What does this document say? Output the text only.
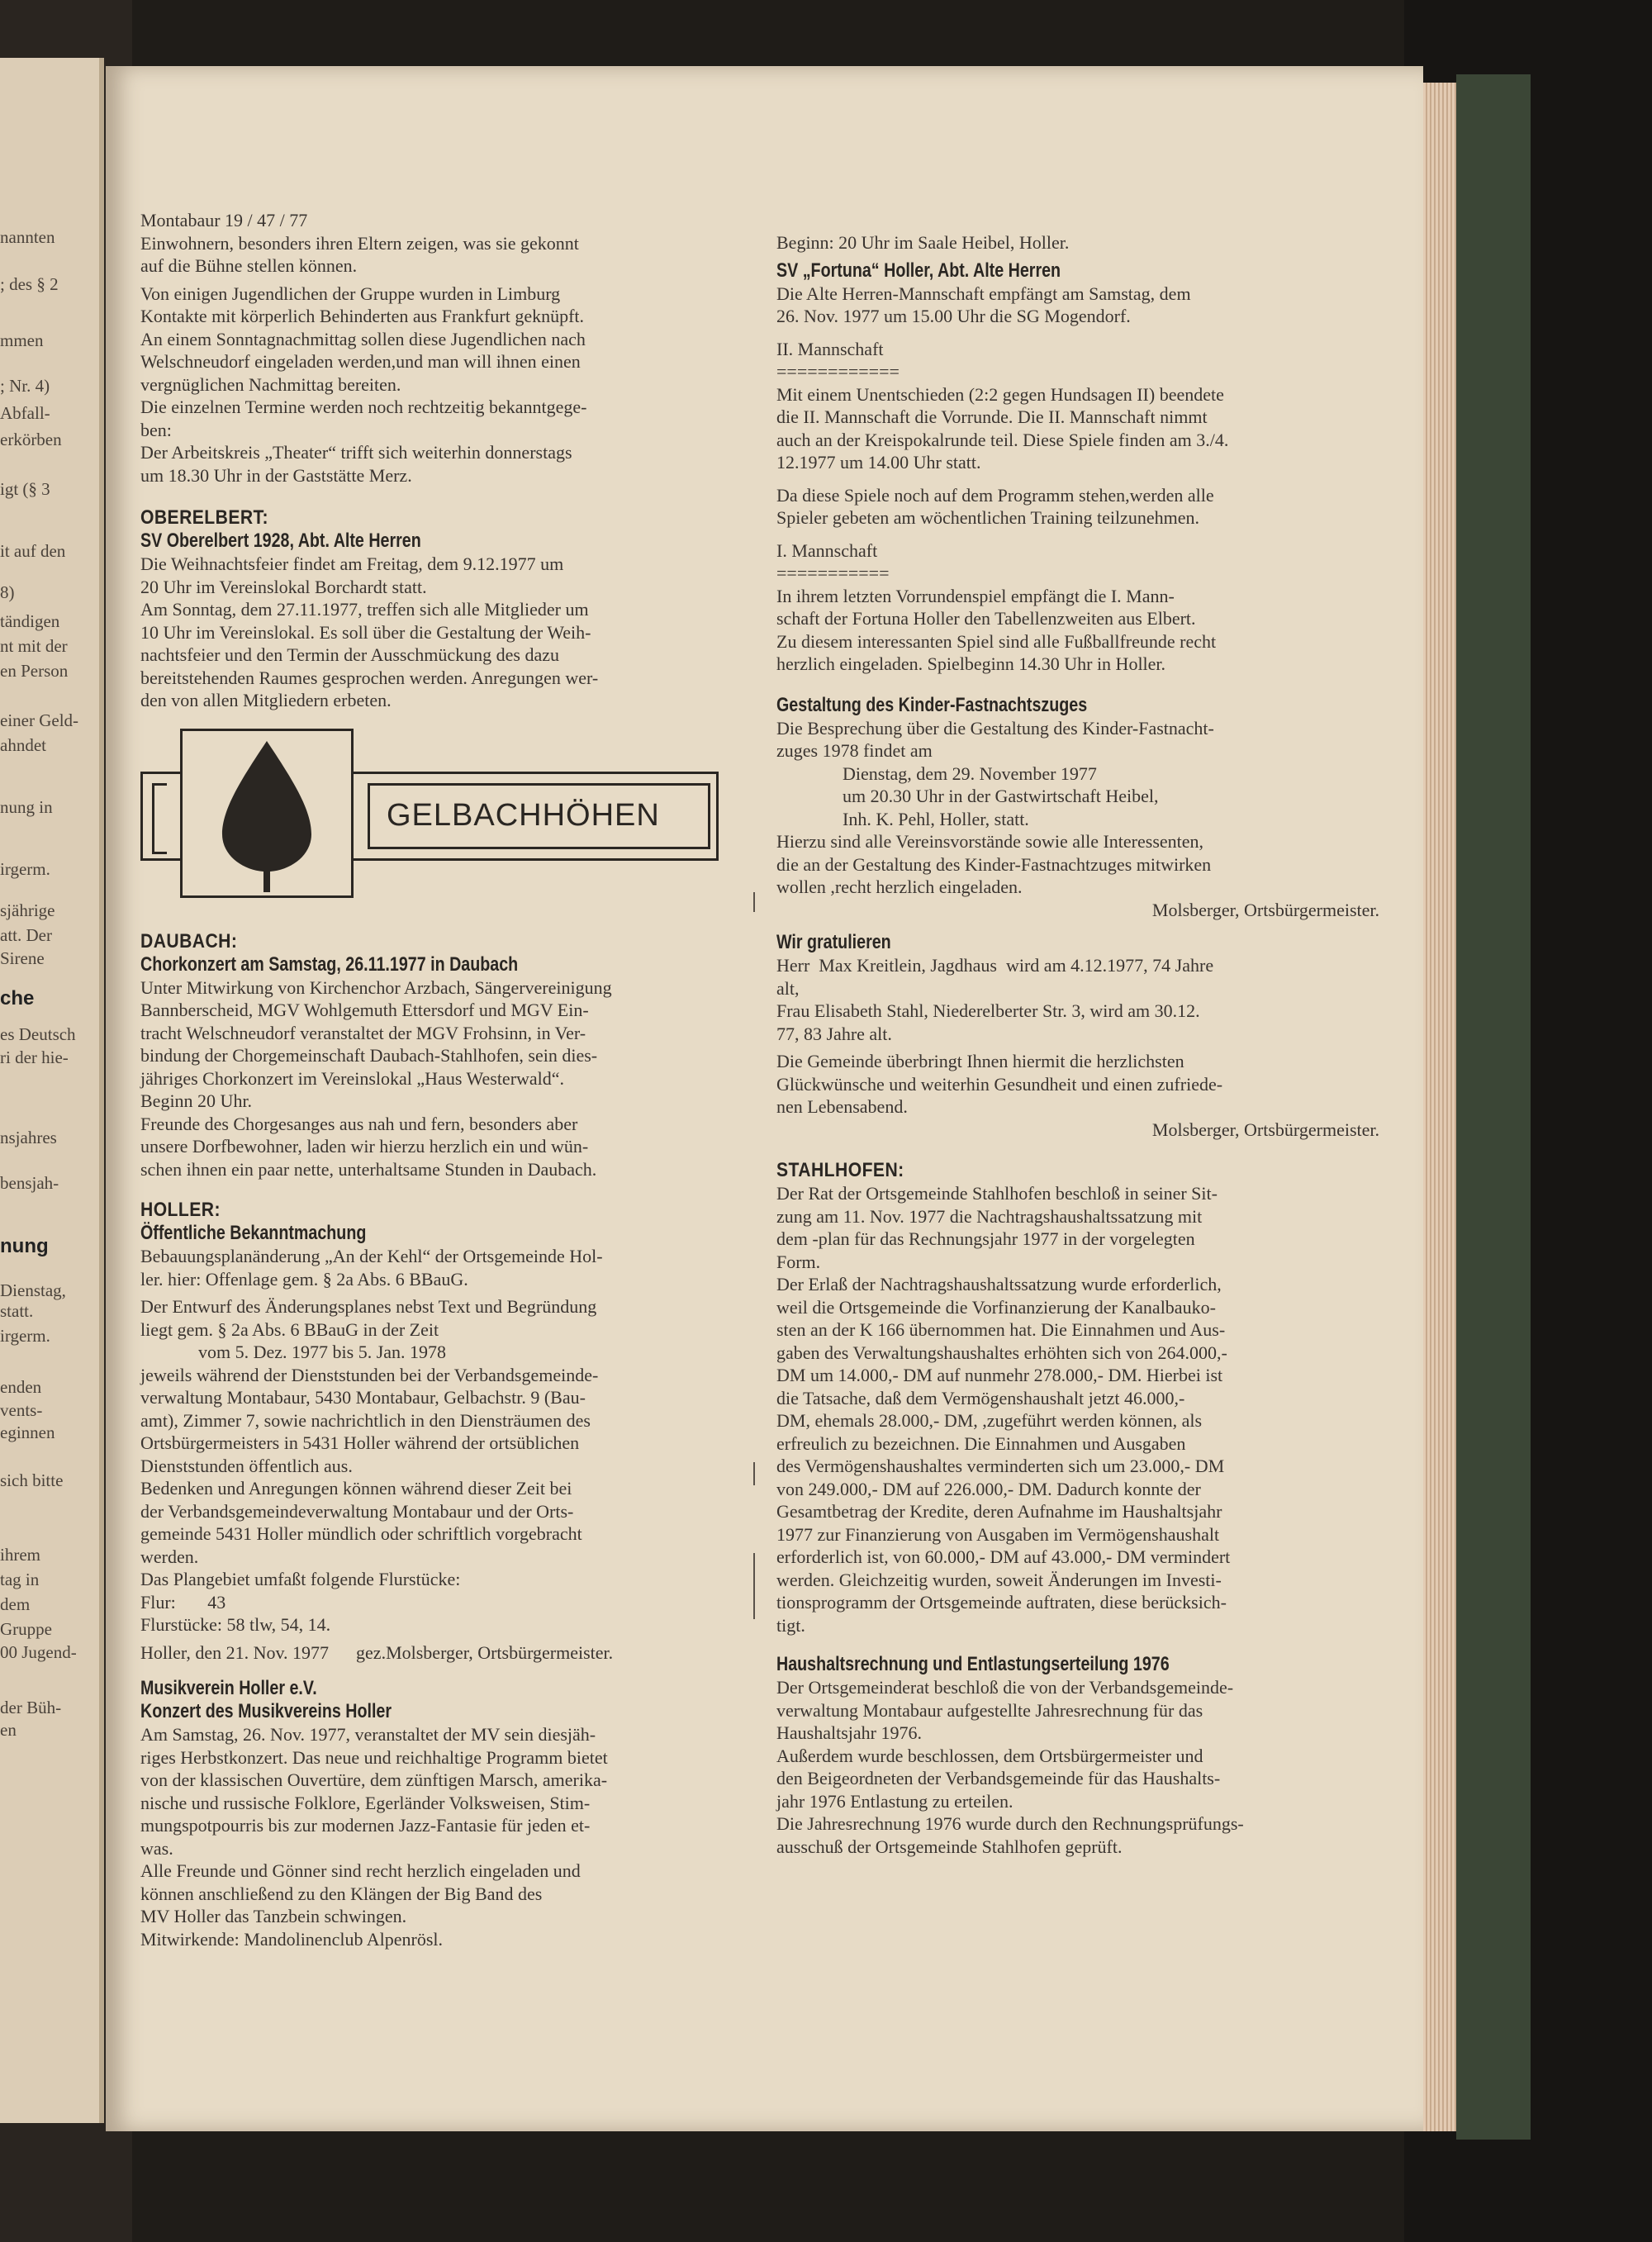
nannten
; des § 2
mmen
; Nr. 4)
Abfall-
erkörben
igt (§ 3
it auf den
8)
tändigen
nt mit der
en Person
einer Geld-
ahndet
nung in
irgerm.
sjährige
att. Der
Sirene
che
es Deutsch
ri der hie-
nsjahres
bensjah-
nung
Dienstag,
statt.
irgerm.
enden
vents-
eginnen
sich bitte
ihrem
tag in
dem
Gruppe
00 Jugend-
der Büh-
en

Montabaur 19 / 47 / 77

Einwohnern, besonders ihren Eltern zeigen, was sie gekonnt

auf die Bühne stellen können.

Von einigen Jugendlichen der Gruppe wurden in Limburg

Kontakte mit körperlich Behinderten aus Frankfurt geknüpft.

An einem Sonntagnachmittag sollen diese Jugendlichen nach

Welschneudorf eingeladen werden,und man will ihnen einen

vergnüglichen Nachmittag bereiten.

Die einzelnen Termine werden noch rechtzeitig bekanntgege-

ben:

Der Arbeitskreis „Theater“ trifft sich weiterhin donnerstags

um 18.30 Uhr in der Gaststätte Merz.

OBERELBERT:
SV Oberelbert 1928, Abt. Alte Herren

Die Weihnachtsfeier findet am Freitag, dem 9.12.1977 um

20 Uhr im Vereinslokal Borchardt statt.

Am Sonntag, dem 27.11.1977, treffen sich alle Mitglieder um

10 Uhr im Vereinslokal. Es soll über die Gestaltung der Weih-

nachtsfeier und den Termin der Ausschmückung des dazu

bereitstehenden Raumes gesprochen werden. Anregungen wer-

den von allen Mitgliedern erbeten.

GELBACHHÖHEN
DAUBACH:
Chorkonzert am Samstag, 26.11.1977 in Daubach

Unter Mitwirkung von Kirchenchor Arzbach, Sängervereinigung

Bannberscheid, MGV Wohlgemuth Ettersdorf und MGV Ein-

tracht Welschneudorf veranstaltet der MGV Frohsinn, in Ver-

bindung der Chorgemeinschaft Daubach-Stahlhofen, sein dies-

jähriges Chorkonzert im Vereinslokal „Haus Westerwald“.

Beginn 20 Uhr.

Freunde des Chorgesanges aus nah und fern, besonders aber

unsere Dorfbewohner, laden wir hierzu herzlich ein und wün-

schen ihnen ein paar nette, unterhaltsame Stunden in Daubach.

HOLLER:
Öffentliche Bekanntmachung

Bebauungsplanänderung „An der Kehl“ der Ortsgemeinde Hol-

ler. hier: Offenlage gem. § 2a Abs. 6 BBauG.

Der Entwurf des Änderungsplanes nebst Text und Begründung

liegt gem. § 2a Abs. 6 BBauG in der Zeit

vom 5. Dez. 1977 bis 5. Jan. 1978

jeweils während der Dienststunden bei der Verbandsgemeinde-

verwaltung Montabaur, 5430 Montabaur, Gelbachstr. 9 (Bau-

amt), Zimmer 7, sowie nachrichtlich in den Diensträumen des

Ortsbürgermeisters in 5431 Holler während der ortsüblichen

Dienststunden öffentlich aus.

Bedenken und Anregungen können während dieser Zeit bei

der Verbandsgemeindeverwaltung Montabaur und der Orts-

gemeinde 5431 Holler mündlich oder schriftlich vorgebracht

werden.

Das Plangebiet umfaßt folgende Flurstücke:

Flur:       43

Flurstücke: 58 tlw, 54, 14.

Holler, den 21. Nov. 1977      gez.Molsberger, Ortsbürgermeister.

Musikverein Holler e.V.
Konzert des Musikvereins Holler

Am Samstag, 26. Nov. 1977, veranstaltet der MV sein diesjäh-

riges Herbstkonzert. Das neue und reichhaltige Programm bietet

von der klassischen Ouvertüre, dem zünftigen Marsch, amerika-

nische und russische Folklore, Egerländer Volksweisen, Stim-

mungspotpourris bis zur modernen Jazz-Fantasie für jeden et-

was.

Alle Freunde und Gönner sind recht herzlich eingeladen und

können anschließend zu den Klängen der Big Band des

MV Holler das Tanzbein schwingen.

Mitwirkende: Mandolinenclub Alpenrösl.

Beginn: 20 Uhr im Saale Heibel, Holler.

SV „Fortuna“ Holler, Abt. Alte Herren

Die Alte Herren-Mannschaft empfängt am Samstag, dem

26. Nov. 1977 um 15.00 Uhr die SG Mogendorf.

II. Mannschaft

============

Mit einem Unentschieden (2:2 gegen Hundsagen II) beendete

die II. Mannschaft die Vorrunde. Die II. Mannschaft nimmt

auch an der Kreispokalrunde teil. Diese Spiele finden am 3./4.

12.1977 um 14.00 Uhr statt.

Da diese Spiele noch auf dem Programm stehen,werden alle

Spieler gebeten am wöchentlichen Training teilzunehmen.

I. Mannschaft

===========

In ihrem letzten Vorrundenspiel empfängt die I. Mann-

schaft der Fortuna Holler den Tabellenzweiten aus Elbert.

Zu diesem interessanten Spiel sind alle Fußballfreunde recht

herzlich eingeladen. Spielbeginn 14.30 Uhr in Holler.

Gestaltung des Kinder-Fastnachtszuges

Die Besprechung über die Gestaltung des Kinder-Fastnacht-

zuges 1978 findet am

Dienstag, dem 29. November 1977

um 20.30 Uhr in der Gastwirtschaft Heibel,

Inh. K. Pehl, Holler, statt.

Hierzu sind alle Vereinsvorstände sowie alle Interessenten,

die an der Gestaltung des Kinder-Fastnachtzuges mitwirken

wollen ,recht herzlich eingeladen.

Molsberger, Ortsbürgermeister.

Wir gratulieren

Herr  Max Kreitlein, Jagdhaus  wird am 4.12.1977, 74 Jahre

alt,

Frau Elisabeth Stahl, Niederelberter Str. 3, wird am 30.12.

77, 83 Jahre alt.

Die Gemeinde überbringt Ihnen hiermit die herzlichsten

Glückwünsche und weiterhin Gesundheit und einen zufriede-

nen Lebensabend.

Molsberger, Ortsbürgermeister.

STAHLHOFEN:

Der Rat der Ortsgemeinde Stahlhofen beschloß in seiner Sit-

zung am 11. Nov. 1977 die Nachtragshaushaltssatzung mit

dem -plan für das Rechnungsjahr 1977 in der vorgelegten

Form.

Der Erlaß der Nachtragshaushaltssatzung wurde erforderlich,

weil die Ortsgemeinde die Vorfinanzierung der Kanalbauko-

sten an der K 166 übernommen hat. Die Einnahmen und Aus-

gaben des Verwaltungshaushaltes erhöhten sich von 264.000,-

DM um 14.000,- DM auf nunmehr 278.000,- DM. Hierbei ist

die Tatsache, daß dem Vermögenshaushalt jetzt 46.000,-

DM, ehemals 28.000,- DM, ,zugeführt werden können, als

erfreulich zu bezeichnen. Die Einnahmen und Ausgaben

des Vermögenshaushaltes verminderten sich um 23.000,- DM

von 249.000,- DM auf 226.000,- DM. Dadurch konnte der

Gesamtbetrag der Kredite, deren Aufnahme im Haushaltsjahr

1977 zur Finanzierung von Ausgaben im Vermögenshaushalt

erforderlich ist, von 60.000,- DM auf 43.000,- DM vermindert

werden. Gleichzeitig wurden, soweit Änderungen im Investi-

tionsprogramm der Ortsgemeinde auftraten, diese berücksich-

tigt.

Haushaltsrechnung und Entlastungserteilung 1976

Der Ortsgemeinderat beschloß die von der Verbandsgemeinde-

verwaltung Montabaur aufgestellte Jahresrechnung für das

Haushaltsjahr 1976.

Außerdem wurde beschlossen, dem Ortsbürgermeister und

den Beigeordneten der Verbandsgemeinde für das Haushalts-

jahr 1976 Entlastung zu erteilen.

Die Jahresrechnung 1976 wurde durch den Rechnungsprüfungs-

ausschuß der Ortsgemeinde Stahlhofen geprüft.
